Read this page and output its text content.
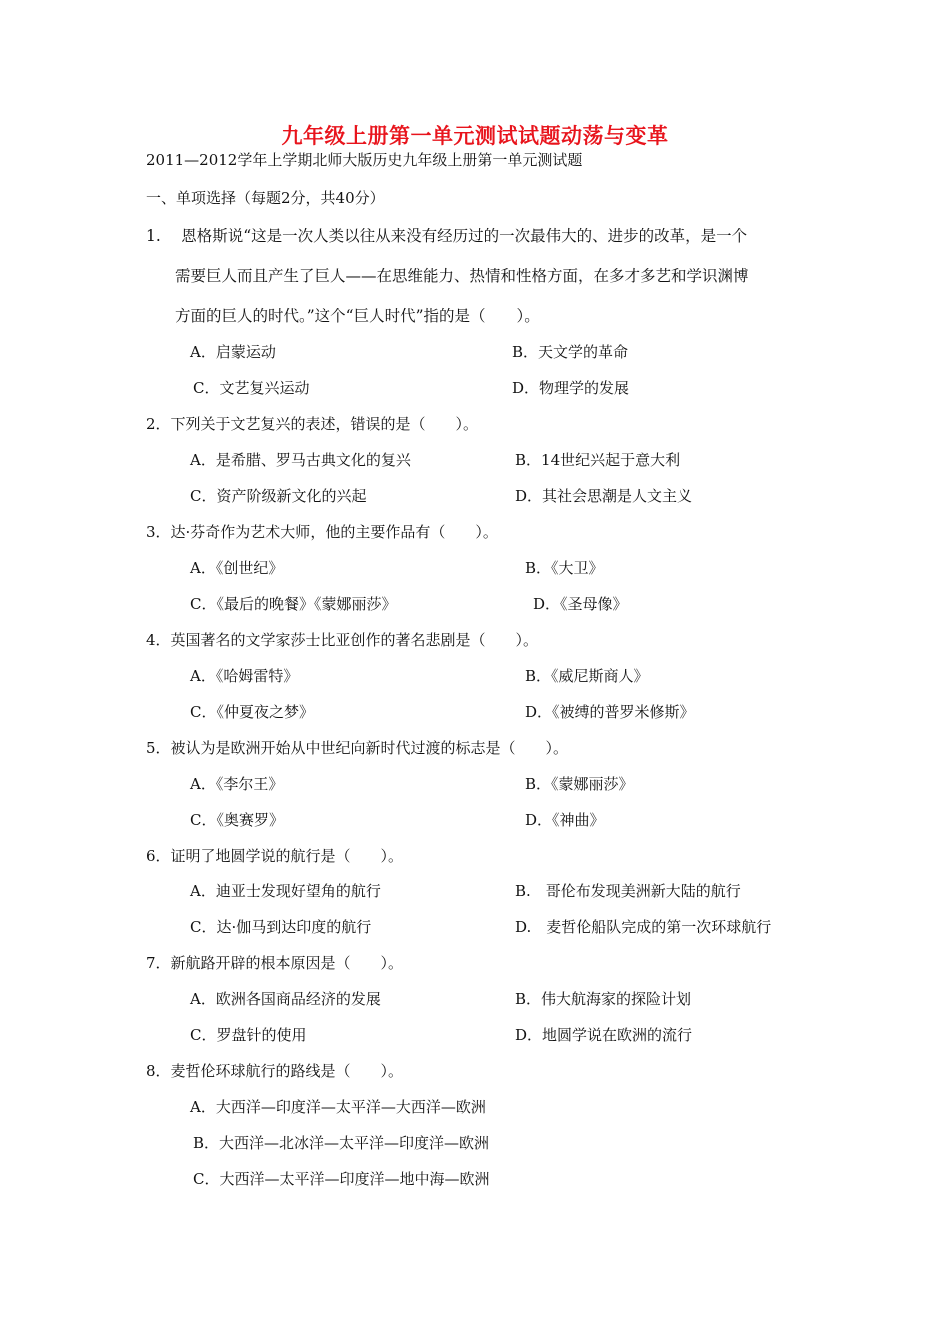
九年级上册第一单元测试试题动荡与变革
2011—2012学年上学期北师大版历史九年级上册第一单元测试题
一、单项选择（每题2分，共40分）
1.　 恩格斯说“这是一次人类以往从来没有经历过的一次最伟大的、进步的改革，是一个
需要巨人而且产生了巨人——在思维能力、热情和性格方面，在多才多艺和学识渊博
方面的巨人的时代。”这个“巨人时代”指的是（　　）。
A．启蒙运动	B．天文学的革命
C．文艺复兴运动	D．物理学的发展
2．下列关于文艺复兴的表述，错误的是（　　）。
A．是希腊、罗马古典文化的复兴	B．14世纪兴起于意大利
C．资产阶级新文化的兴起	D．其社会思潮是人文主义
3．达·芬奇作为艺术大师，他的主要作品有（　　）。
A．《创世纪》	B．《大卫》
C．《最后的晚餐》《蒙娜丽莎》	D．《圣母像》
4．英国著名的文学家莎士比亚创作的著名悲剧是（　　）。
A．《哈姆雷特》	B．《威尼斯商人》
C．《仲夏夜之梦》	D．《被缚的普罗米修斯》
5．被认为是欧洲开始从中世纪向新时代过渡的标志是（　　）。
A．《李尔王》	B．《蒙娜丽莎》
C．《奥赛罗》	D．《神曲》
6．证明了地圆学说的航行是（　　）。
A．迪亚士发现好望角的航行	B.　哥伦布发现美洲新大陆的航行
C．达·伽马到达印度的航行	D.　麦哲伦船队完成的第一次环球航行
7．新航路开辟的根本原因是（　　）。
A．欧洲各国商品经济的发展	B．伟大航海家的探险计划
C．罗盘针的使用	D．地圆学说在欧洲的流行
8．麦哲伦环球航行的路线是（　　）。
A．大西洋—印度洋—太平洋—大西洋—欧洲
B．大西洋—北冰洋—太平洋—印度洋—欧洲
C．大西洋—太平洋—印度洋—地中海—欧洲
